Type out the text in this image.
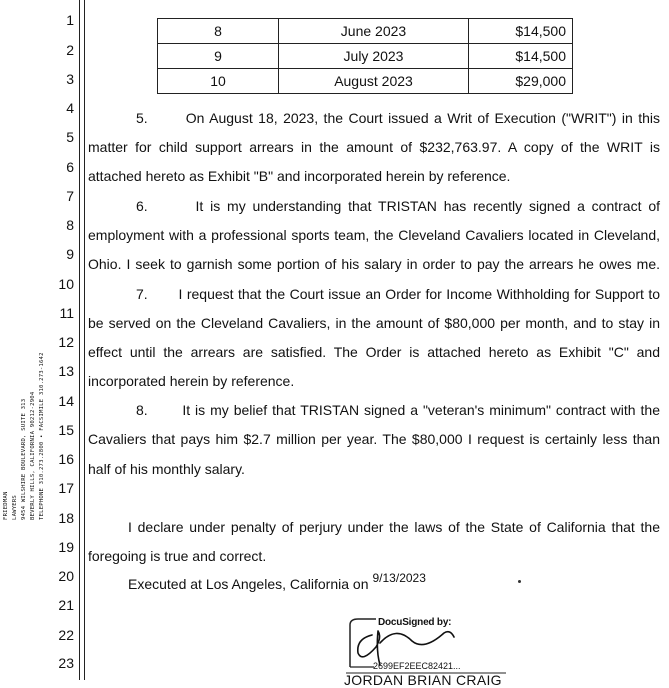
1
2
3
4
5
6
7
8
9
10
11
12
13
14
15
16
17
18
19
20
21
22
23
FRIEDMAN LAWYERS 9454 WILSHIRE BOULEVARD, SUITE 313 BEVERLY HILLS, CALIFORNIA 90212-2904 TELEPHONE 310.273.2800 • FACSIMILE 310.273-1642
8	June 2023	$14,500
9	July 2023	$14,500
10	August 2023	$29,000
5.       On August 18, 2023, the Court issued a Writ of Execution ("WRIT") in this
matter for child support arrears in the amount of $232,763.97. A copy of the WRIT is
attached hereto as Exhibit "B" and incorporated herein by reference.
6.       It is my understanding that TRISTAN has recently signed a contract of
employment with a professional sports team, the Cleveland Cavaliers located in Cleveland,
Ohio. I seek to garnish some portion of his salary in order to pay the arrears he owes me.
7.       I request that the Court issue an Order for Income Withholding for Support to
be served on the Cleveland Cavaliers, in the amount of $80,000 per month, and to stay in
effect until the arrears are satisfied. The Order is attached hereto as Exhibit "C" and
incorporated herein by reference.
8.       It is my belief that TRISTAN signed a "veteran's minimum" contract with the
Cavaliers that pays him $2.7 million per year. The $80,000 I request is certainly less than
half of his monthly salary.
I declare under penalty of perjury under the laws of the State of California that the
foregoing is true and correct.
Executed at Los Angeles, California on 9/13/2023
DocuSigned by:
2699EF2EEC82421...
JORDAN BRIAN CRAIG
